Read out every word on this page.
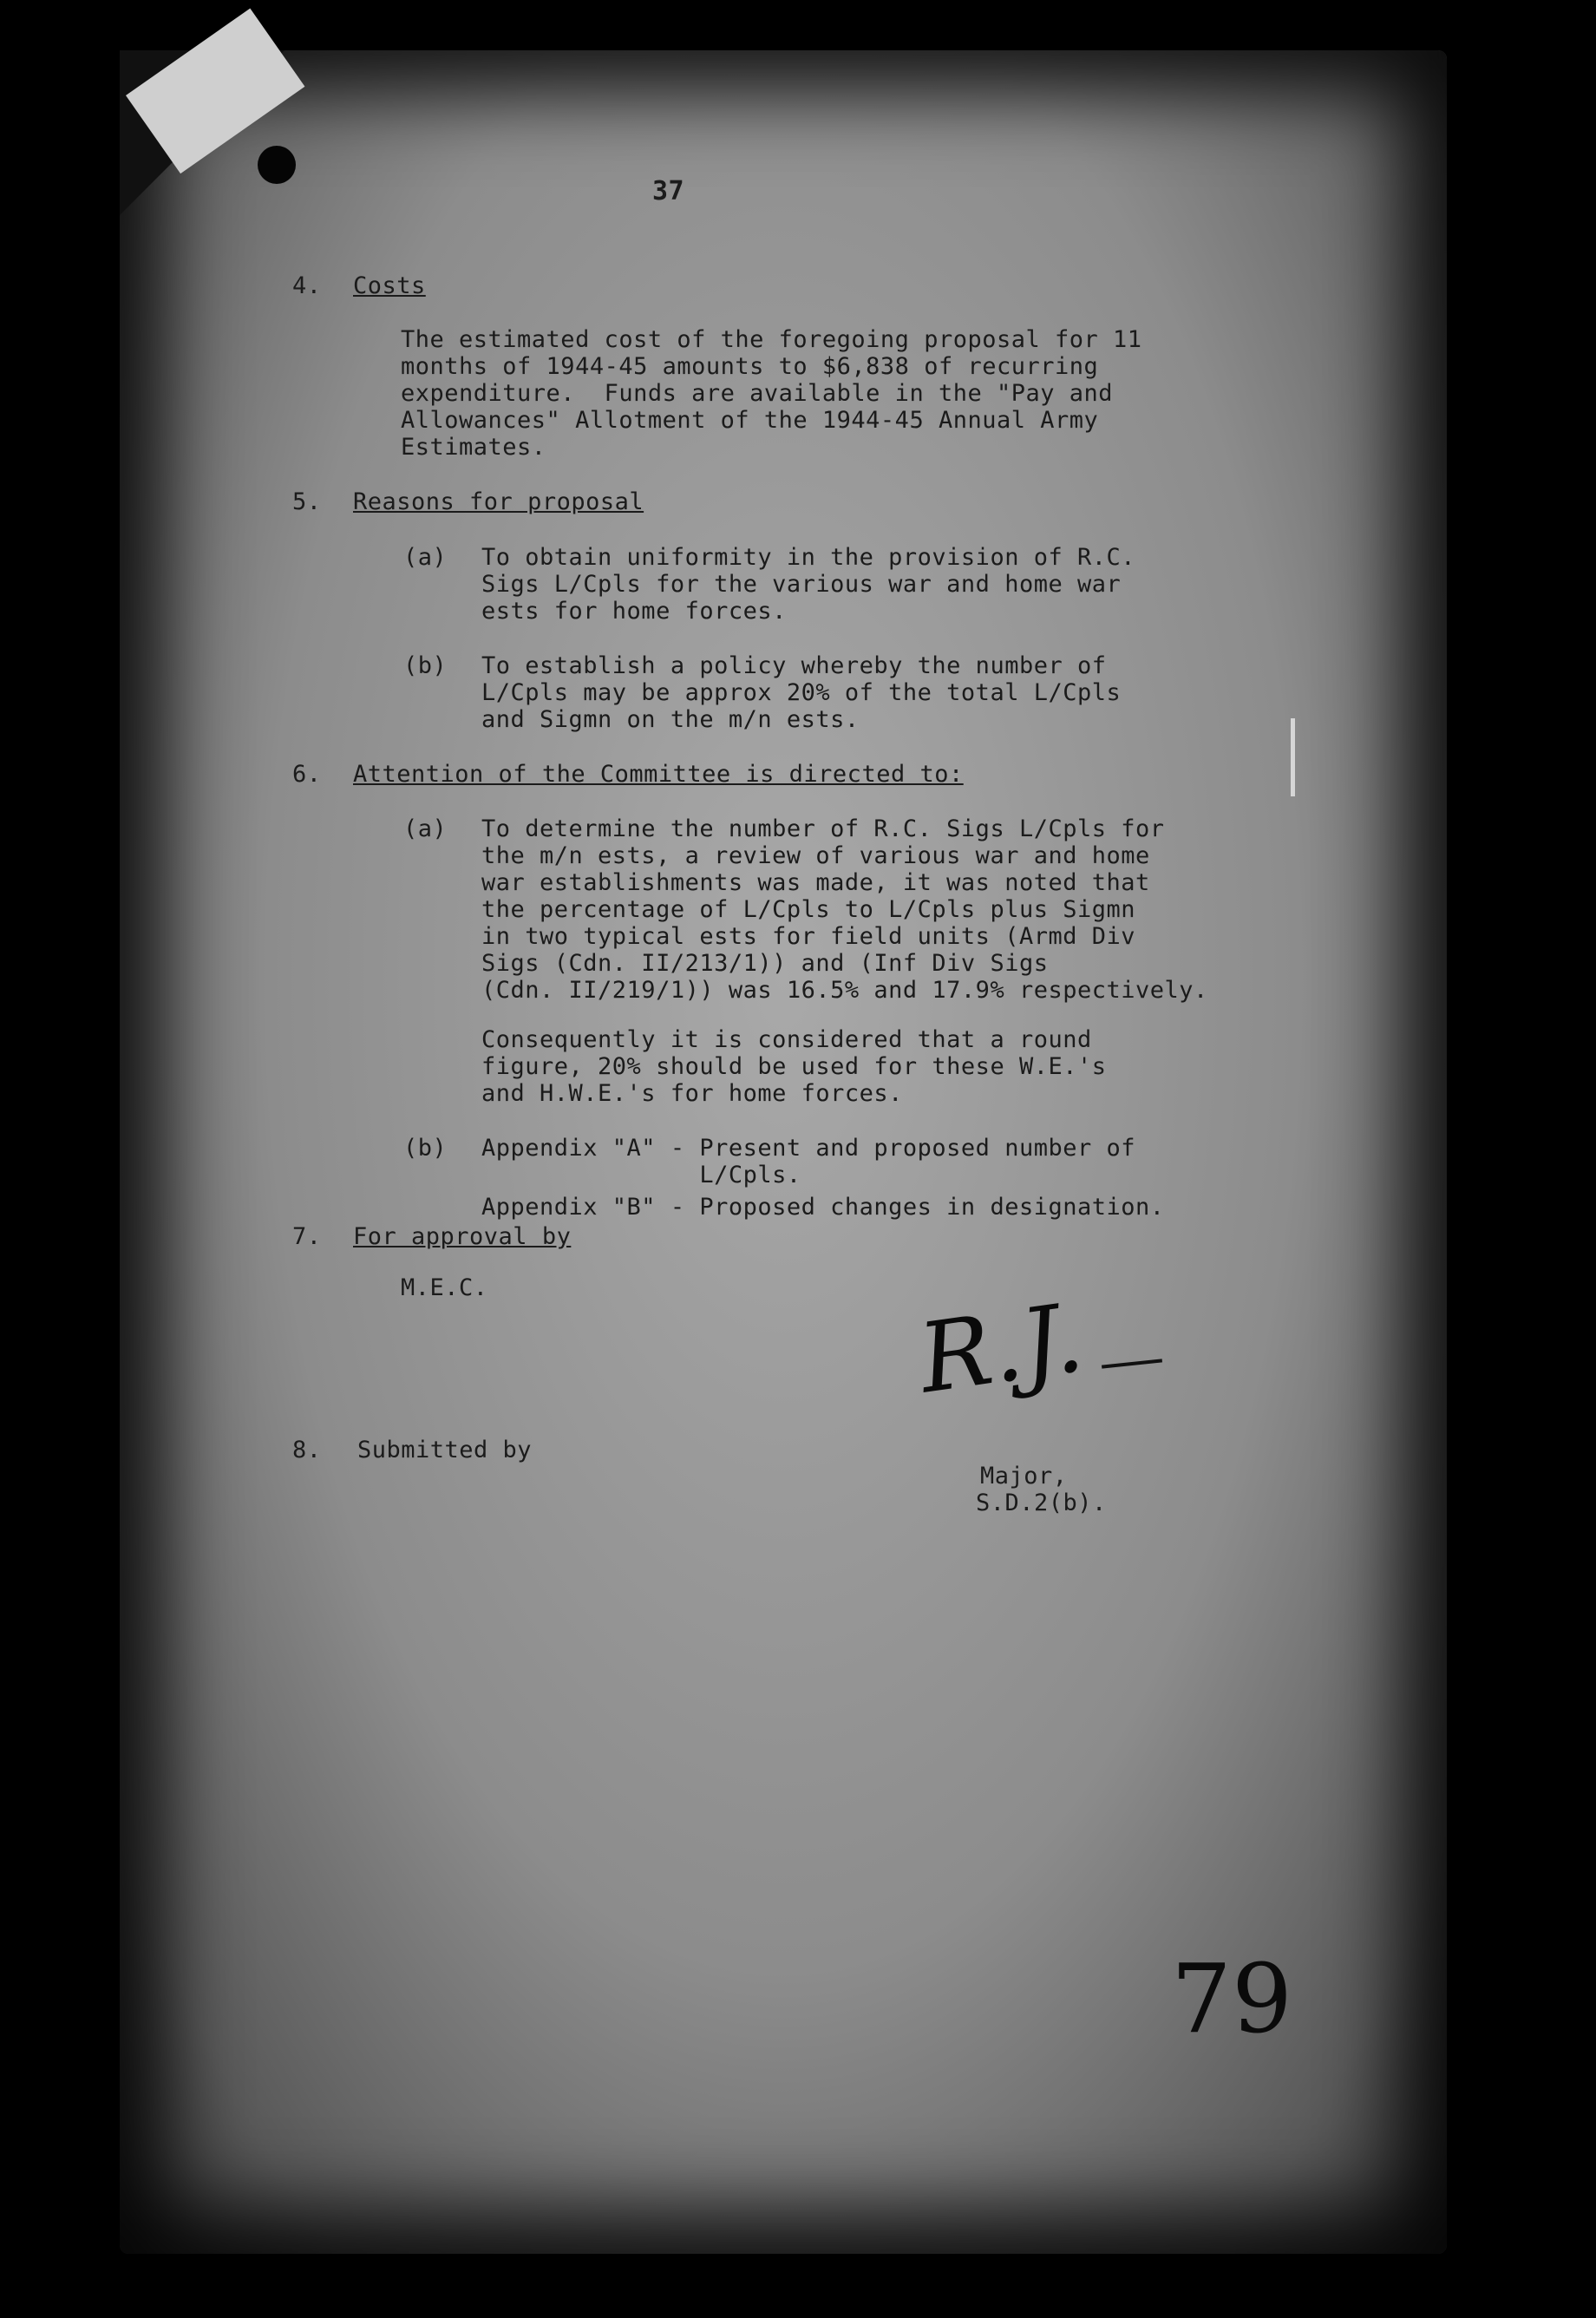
37
4. Costs
The estimated cost of the foregoing proposal for 11
months of 1944-45 amounts to $6,838 of recurring
expenditure.  Funds are available in the "Pay and
Allowances" Allotment of the 1944-45 Annual Army
Estimates.
5. Reasons for proposal
(a) To obtain uniformity in the provision of R.C.
Sigs L/Cpls for the various war and home war
ests for home forces.
(b) To establish a policy whereby the number of
L/Cpls may be approx 20% of the total L/Cpls
and Sigmn on the m/n ests.
6. Attention of the Committee is directed to:
(a) To determine the number of R.C. Sigs L/Cpls for
the m/n ests, a review of various war and home
war establishments was made, it was noted that
the percentage of L/Cpls to L/Cpls plus Sigmn
in two typical ests for field units (Armd Div
Sigs (Cdn. II/213/1)) and (Inf Div Sigs
(Cdn. II/219/1)) was 16.5% and 17.9% respectively.
Consequently it is considered that a round
figure, 20% should be used for these W.E.'s
and H.W.E.'s for home forces.
(b) Appendix "A" - Present and proposed number of
L/Cpls.
Appendix "B" - Proposed changes in designation.
7. For approval by
M.E.C.
8. Submitted by
R.J.
Major,
S.D.2(b).
79
